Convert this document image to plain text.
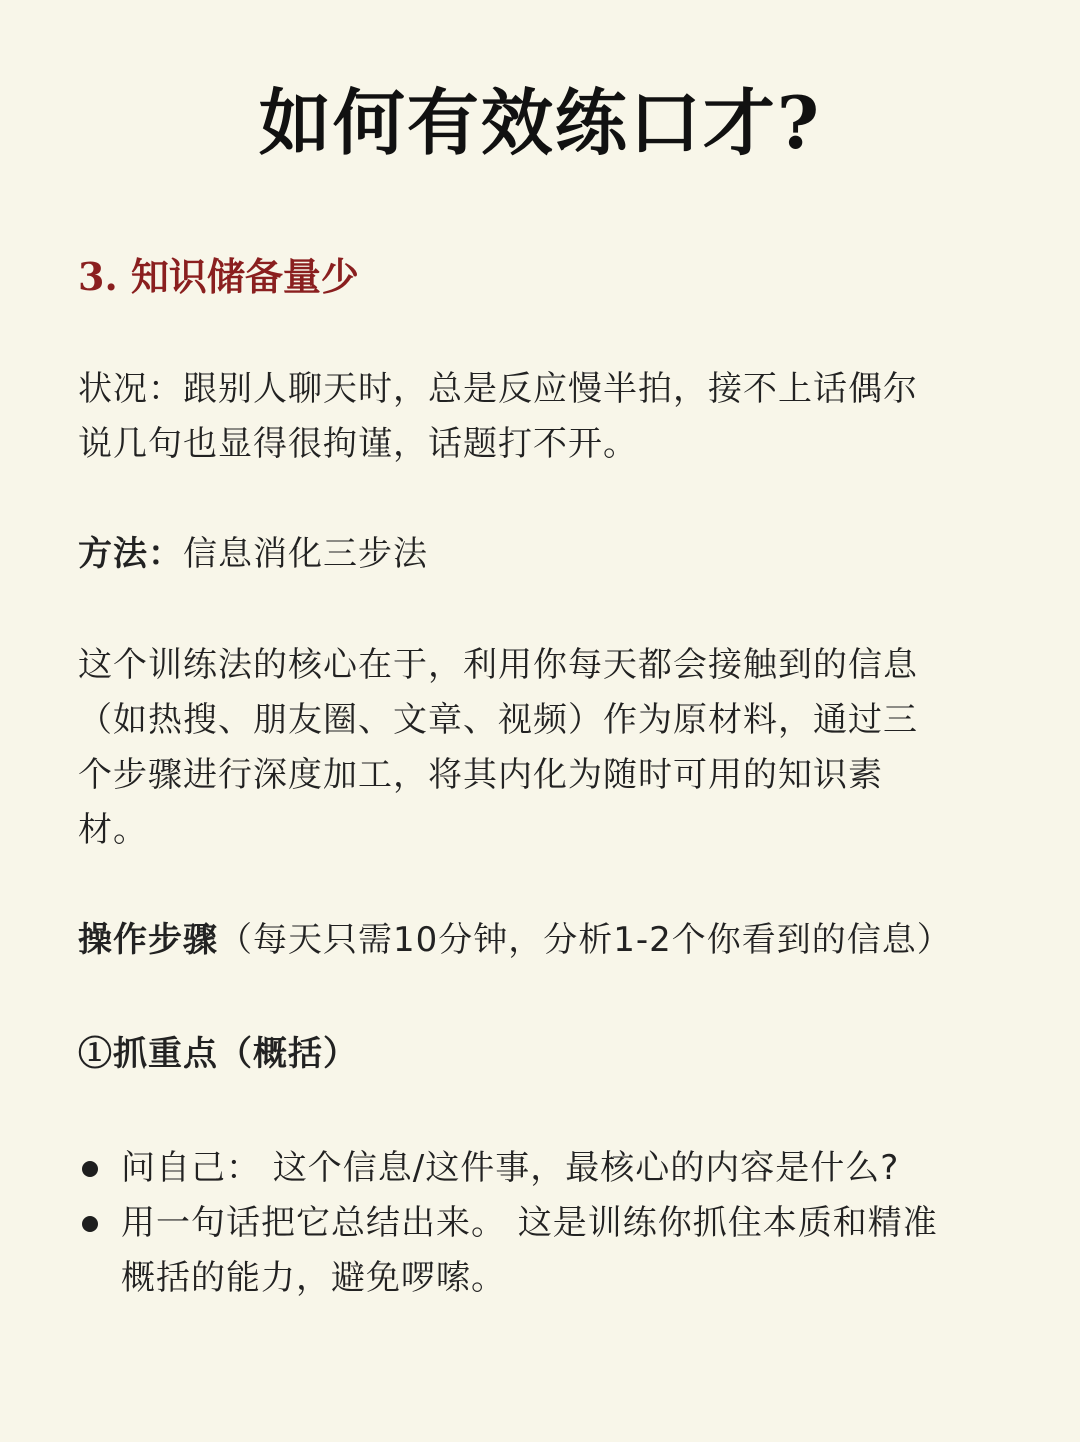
如何有效练口才?
3. 知识储备量少
状况：跟别人聊天时，总是反应慢半拍，接不上话偶尔
说几句也显得很拘谨，话题打不开。
方法：信息消化三步法
这个训练法的核心在于，利用你每天都会接触到的信息
（如热搜、朋友圈、文章、视频）作为原材料，通过三
个步骤进行深度加工，将其内化为随时可用的知识素
材。
操作步骤（每天只需10分钟，分析1-2个你看到的信息）
①抓重点（概括）
问自己： 这个信息/这件事，最核心的内容是什么?
用一句话把它总结出来。 这是训练你抓住本质和精准
概括的能力，避免啰嗦。
